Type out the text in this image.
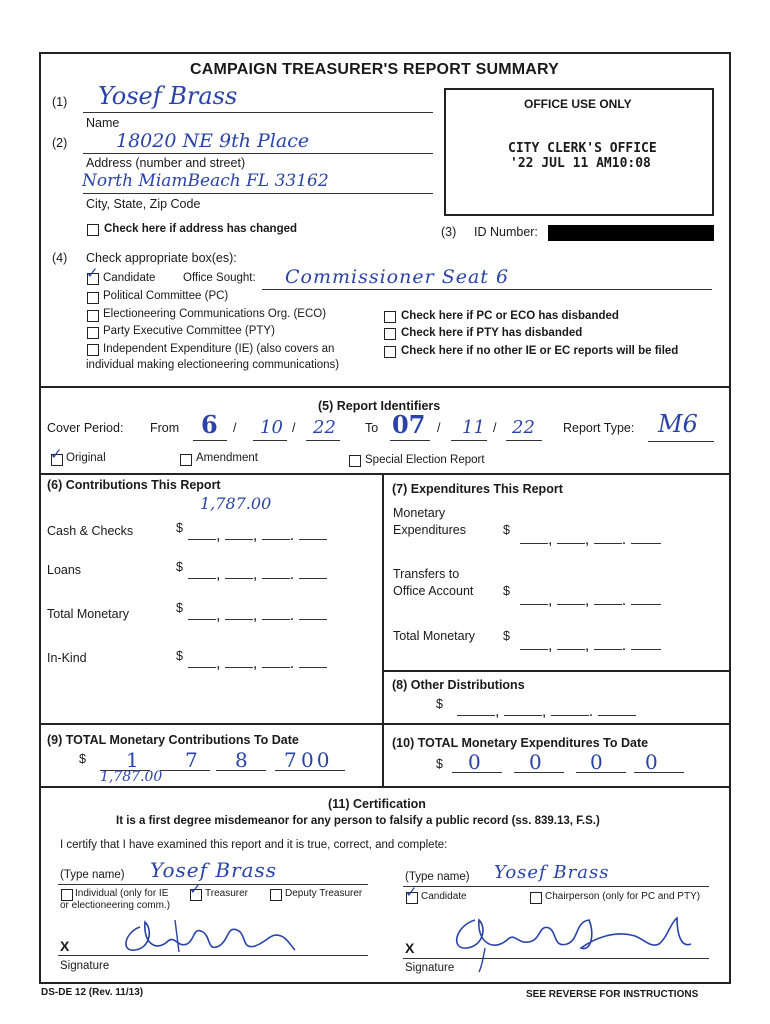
CAMPAIGN TREASURER'S REPORT SUMMARY
(1) Yosef Brass
Name
(2)	18020 NE 9th Place
Address (number and street)
North MiamBeach FL 33162
City, State, Zip Code
OFFICE USE ONLY
CITY CLERK'S OFFICE
'22 JUL 11 AM10:08
Check here if address has changed	(3) ID Number:
(4) Check appropriate box(es):
✓ Candidate Office Sought: Commissioner Seat 6
Political Committee (PC)
Electioneering Communications Org. (ECO)
Party Executive Committee (PTY)
Independent Expenditure (IE) (also covers an
individual making electioneering communications)
Check here if PC or ECO has disbanded
Check here if PTY has disbanded
Check here if no other IE or EC reports will be filed
(5) Report Identifiers
Cover Period: From 6 / 10 / 22 To 07 / 11 / 22 Report Type: M6
✓ Original	Amendment	Special Election Report
(6) Contributions This Report
1,787.00
Cash & Checks	$	, , .
Loans	$	, , .
Total Monetary	$	, , .
In-Kind	$	, , .
(7) Expenditures This Report
Monetary
Expenditures	$
, , .
Transfers to
Office Account $
, , .
Total Monetary $
, , .
(8) Other Distributions
$	, , .
(9) TOTAL Monetary Contributions To Date
$ 1 7 8 7 00
1,787.00
(10) TOTAL Monetary Expenditures To Date
$ 0 0 0 0
(11) Certification
It is a first degree misdemeanor for any person to falsify a public record (ss. 839.13, F.S.)
I certify that I have examined this report and it is true, correct, and complete:
(Type name) Yosef Brass	(Type name) Yosef Brass
Individual (only for IE
or electioneering comm.)
✓ Treasurer	Deputy Treasurer	✓ Candidate	Chairperson (only for PC and PTY)
X
Signature
X
Signature
DS-DE 12 (Rev. 11/13)	SEE REVERSE FOR INSTRUCTIONS
